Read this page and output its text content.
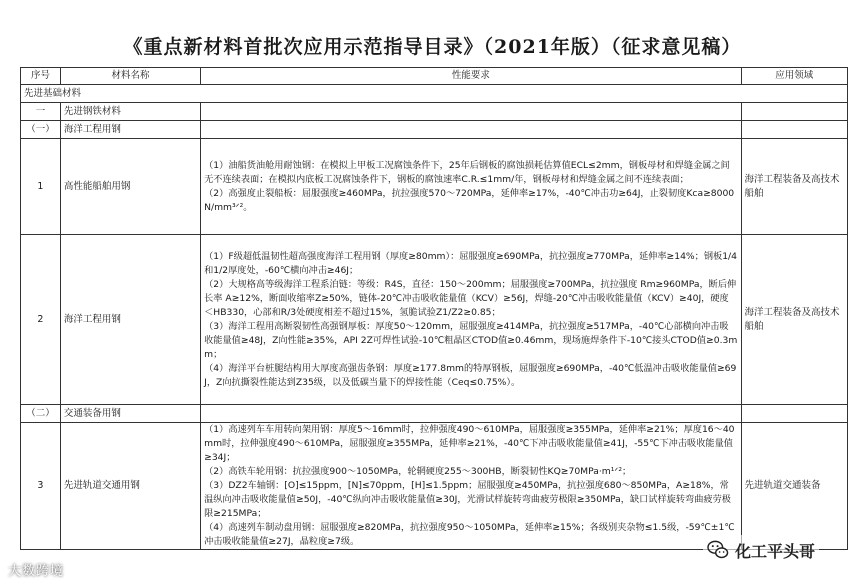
《重点新材料首批次应用示范指导目录》（2021年版）（征求意见稿）
序号	材料名称	性能要求	应用领域
先进基础材料			
一	先进钢铁材料		
（一）	海洋工程用钢		
1	高性能船舶用钢	（1）油船货油舱用耐蚀钢：在模拟上甲板工况腐蚀条件下，25年后钢板的腐蚀损耗估算值ECL≤2mm，钢板母材和焊缝金属之间无不连续表面；在模拟内底板工况腐蚀条件下，钢板的腐蚀速率C.R.≤1mm/年，钢板母材和焊缝金属之间不连续表面；
（2）高强度止裂船板：屈服强度≥460MPa，抗拉强度570～720MPa，延伸率≥17%，-40℃冲击功≥64J，止裂韧度Kca≥8000 N/mm³ᐟ²。	海洋工程装备及高技术船舶
2	海洋工程用钢	（1）F级超低温韧性超高强度海洋工程用钢（厚度≥80mm）：屈服强度≥690MPa，抗拉强度≥770MPa，延伸率≥14%；钢板1/4和1/2厚度处，-60℃横向冲击≥46J；
（2）大规格高等级海洋工程系泊链：等级：R4S，直径：150～200mm；屈服强度≥700MPa，抗拉强度 Rm≥960MPa，断后伸长率 A≥12%，断面收缩率Z≥50%，链体-20℃冲击吸收能量值（KCV）≥56J，焊缝-20℃冲击吸收能量值（KCV）≥40J，硬度＜HB330，心部和R/3处硬度相差不超过15%，氢脆试验Z1/Z2≥0.85；
（3）海洋工程用高断裂韧性高强钢厚板：厚度50～120mm，屈服强度≥414MPa，抗拉强度≥517MPa，-40℃心部横向冲击吸收能量值≥48J，Z向性能≥35%，API 2Z可焊性试验-10℃粗晶区CTOD值≥0.46mm，现场施焊条件下-10℃接头CTOD值≥0.3mm；
（4）海洋平台桩腿结构用大厚度高强齿条钢：厚度≥177.8mm的特厚钢板，屈服强度≥690MPa，-40℃低温冲击吸收能量值≥69J，Z向抗撕裂性能达到Z35级，以及低碳当量下的焊接性能（Ceq≤0.75%）。	海洋工程装备及高技术船舶
（二）	交通装备用钢		
3	先进轨道交通用钢	（1）高速列车车用转向架用钢：厚度5～16mm时，拉伸强度490～610MPa，屈服强度≥355MPa，延伸率≥21%；厚度16～40mm时，拉伸强度490～610MPa，屈服强度≥355MPa，延伸率≥21%，-40℃下冲击吸收能量值≥41J，-55℃下冲击吸收能量值≥34J；
（2）高铁车轮用钢：抗拉强度900～1050MPa，轮辋硬度255～300HB，断裂韧性KQ≥70MPa·m¹ᐟ²；
（3）DZ2车轴钢：[O]≤15ppm，[N]≤70ppm，[H]≤1.5ppm；屈服强度≥450MPa，抗拉强度680～850MPa，A≥18%，常温纵向冲击吸收能量值≥50J，-40℃纵向冲击吸收能量值≥30J，光滑试样旋转弯曲疲劳极限≥350MPa，缺口试样旋转弯曲疲劳极限≥215MPa；
（4）高速列车制动盘用钢：屈服强度≥820MPa，抗拉强度950～1050MPa，延伸率≥15%；各级别夹杂物≤1.5级，-59℃±1℃冲击吸收能量值≥27J，晶粒度≥7级。	先进轨道交通装备
大数跨境
化工平头哥
